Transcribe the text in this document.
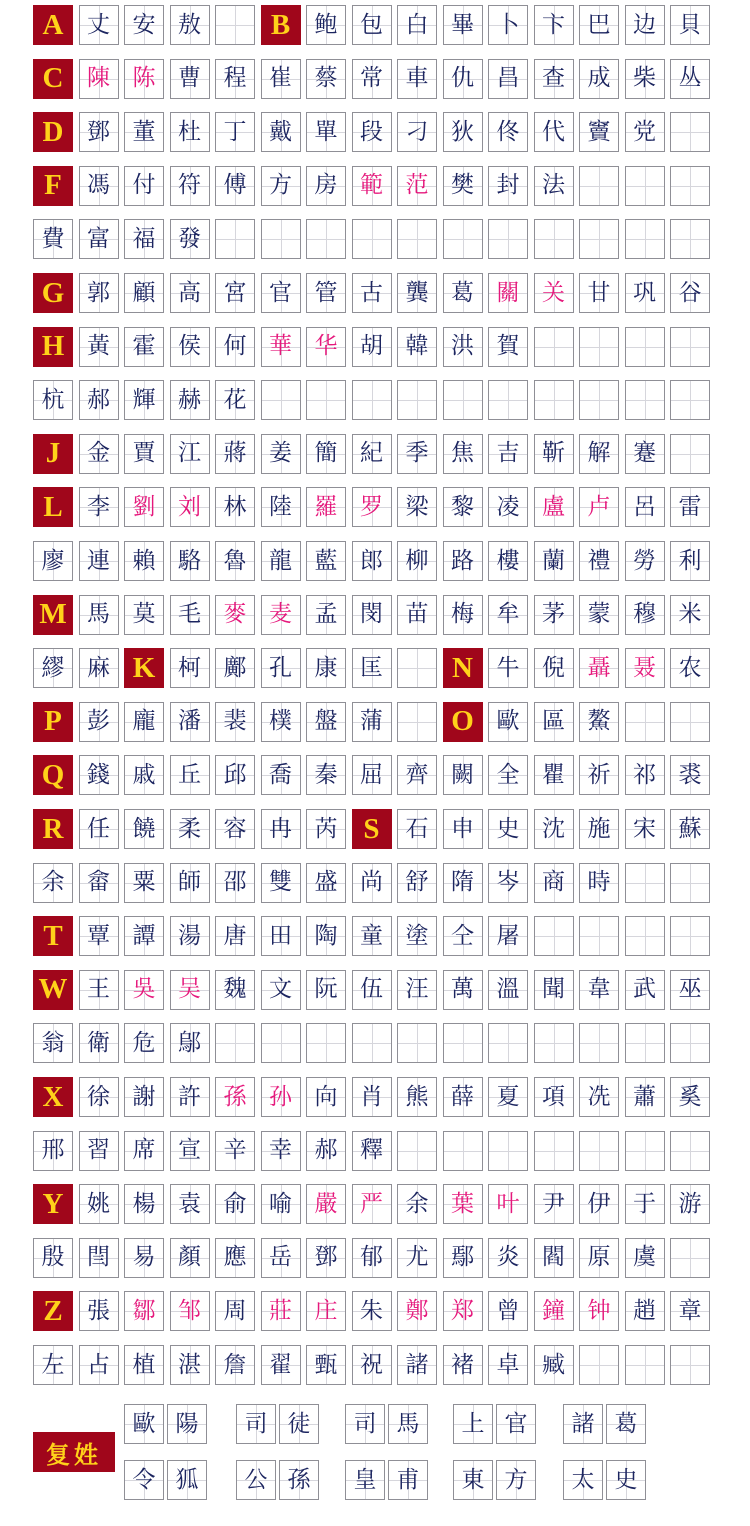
A	丈 安 敖	B	鲍 包 白 畢 卜 卞 巴 边 貝
C	陳 陈 曹 程 崔 蔡 常 車 仇 昌 查 成 柴 丛
D	鄧 董 杜 丁 戴 單 段 刁 狄 佟 代 竇 党
F	馮 付 符 傅 方 房 範 范 樊 封 法
費 富 福 發
G 郭 顧 高 宮 官 管 古 龔 葛 關 关 甘 巩 谷
H 黃 霍 侯 何 華 华 胡 韓 洪 賀
杭 郝 輝 赫 花
J	金 賈 江 蔣 姜 簡 紀 季 焦 吉 靳 解 蹇
L	李 劉 刘 林 陸 羅 罗 梁 黎 凌 盧 卢 呂 雷
廖 連 賴 駱 魯 龍 藍 郎 柳 路 樓 蘭 禮 勞 利
M 馬 莫 毛 麥 麦 孟 閔 苗 梅 牟 茅 蒙 穆 米
繆 麻 K 柯 鄺 孔 康 匡	N	牛 倪 聶 聂 农
P	彭 龐 潘 裴 樸 盤 蒲	O 歐 區 鰲
Q 錢 戚 丘 邱 喬 秦 屈 齊 闕 全 瞿 祈 祁 裘
R	任 饒 柔 容 冉 芮 S	石 申 史 沈 施 宋 蘇
余 畲 粟 師 邵 雙 盛 尚 舒 隋 岑 商 時
T	覃 譚 湯 唐 田 陶 童 塗 仝 屠
W 王 吳 吴 魏 文 阮 伍 汪 萬 溫 聞 韋 武 巫
翁 衛 危 鄔
X	徐 謝 許 孫 孙 向 肖 熊 薛 夏 項 冼 蕭 奚
邢 習 席 宣 辛 幸 郝 釋
Y	姚 楊 袁 俞 喻 嚴 严 余 葉 叶 尹 伊 于 游
殷 閆 易 顏 應 岳 鄧 郁 尤 鄢 炎 閻 原 虞
Z	張 鄒 邹 周 莊 庄 朱 鄭 郑 曾 鐘 钟 趙 章
左 占 植 湛 詹 翟 甄 祝 諸 褚 卓 臧
歐 陽	司 徒	司 馬	上 官	諸 葛
令 狐	公 孫	皇 甫	東 方	太 史
复姓
